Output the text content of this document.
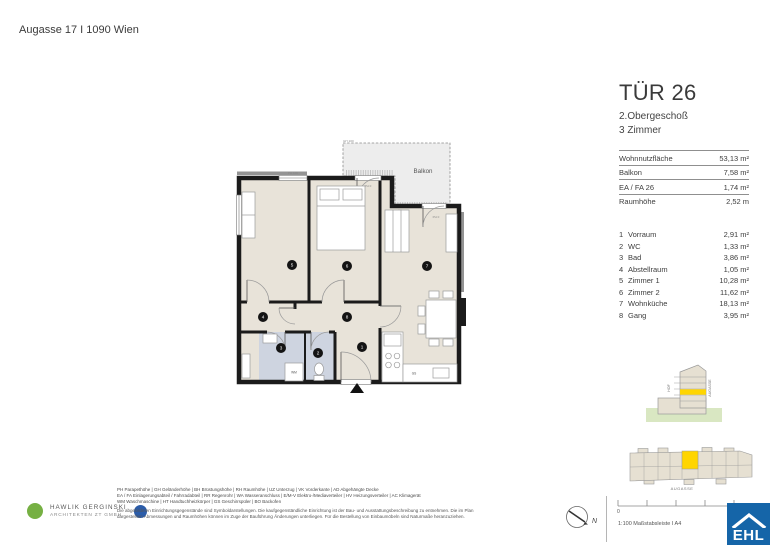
Augasse 17 I 1090 Wien
Balkon
GH 100
PH 100
PH 0
PH 0
WM	GS
1
2
3
4
5	6	7
8
TÜR 26
2.Obergeschoß
3 Zimmer
Wohnnutzfläche	53,13 m²
Balkon	7,58 m²
EA / FA 26	1,74 m²
Raumhöhe	2,52 m
1 Vorraum	2,91 m²
2 WC	1,33 m²
3 Bad	3,86 m²
4 Abstellraum	1,05 m²
5 Zimmer 1	10,28 m²
6 Zimmer 2	11,62 m²
7 Wohnküche	18,13 m²
8 Gang	3,95 m²
HOF	AUGASSE
AUGASSE
HAWLIK GERGINSKI
ARCHITEKTEN ZT GMBH
PH Parapethöhe | GH Geländerhöhe | BH Brüstungshöhe | RH Raumhöhe | UZ Unterzug | VK Vorderkante | AD Abgehängte Decke
EA / FA Einlagerungsabteil / Fahrradabteil | RR Regenrohr | WA Wasseranschluss | E/M-V Elektro-/Mediaverteiler | HV Heizungsverteiler | AC Klimagerät
WM Waschmaschine | HT Handtuchheizkörper | GS Geschirrspüler | BO Backofen
Die abgebildeten Einrichtungsgegenstände sind Symboldarstellungen. Die kaufgegenständliche Einrichtung ist der Bau- und Ausstattungsbeschreibung zu entnehmen. Die im Plan
dargestellten Abmessungen und Raumhöhen können im Zuge der Bauführung Änderungen unterliegen. Für die Bestellung von Einbaumöbeln sind Naturmaße heranzuziehen.
N
0
1:100 Maßstabsleiste I A4
EHL
